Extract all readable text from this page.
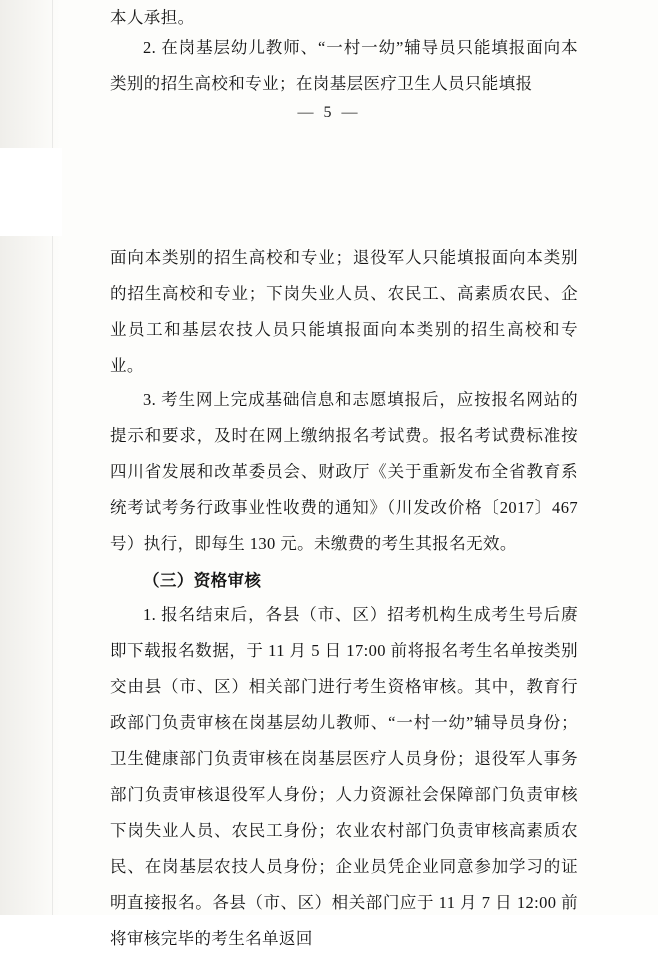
本人承担。
2. 在岗基层幼儿教师、“一村一幼”辅导员只能填报面向本类别的招生高校和专业；在岗基层医疗卫生人员只能填报
— 5 —
面向本类别的招生高校和专业；退役军人只能填报面向本类别的招生高校和专业；下岗失业人员、农民工、高素质农民、企业员工和基层农技人员只能填报面向本类别的招生高校和专业。
3. 考生网上完成基础信息和志愿填报后，应按报名网站的提示和要求，及时在网上缴纳报名考试费。报名考试费标准按四川省发展和改革委员会、财政厅《关于重新发布全省教育系统考试考务行政事业性收费的通知》（川发改价格〔2017〕467 号）执行，即每生 130 元。未缴费的考生其报名无效。
（三）资格审核
1. 报名结束后，各县（市、区）招考机构生成考生号后赓即下载报名数据，于 11 月 5 日 17:00 前将报名考生名单按类别交由县（市、区）相关部门进行考生资格审核。其中，教育行政部门负责审核在岗基层幼儿教师、“一村一幼”辅导员身份；卫生健康部门负责审核在岗基层医疗人员身份；退役军人事务部门负责审核退役军人身份；人力资源社会保障部门负责审核下岗失业人员、农民工身份；农业农村部门负责审核高素质农民、在岗基层农技人员身份；企业员凭企业同意参加学习的证明直接报名。各县（市、区）相关部门应于 11 月 7 日 12:00 前将审核完毕的考生名单返回
